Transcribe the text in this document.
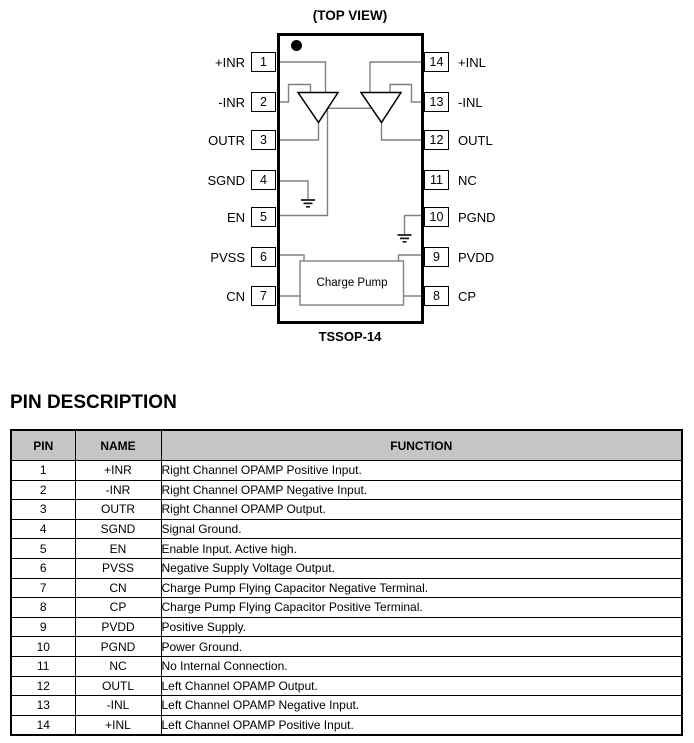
(TOP VIEW)
Charge Pump
1
2
3
4
5
6
7
+INR
-INR
OUTR
SGND
EN
PVSS
CN
14
13
12
11
10
9
8
+INL
-INL
OUTL
NC
PGND
PVDD
CP
TSSOP-14
PIN DESCRIPTION
PIN	NAME	FUNCTION
1	+INR	Right Channel OPAMP Positive Input.
2	-INR	Right Channel OPAMP Negative Input.
3	OUTR	Right Channel OPAMP Output.
4	SGND	Signal Ground.
5	EN	Enable Input. Active high.
6	PVSS	Negative Supply Voltage Output.
7	CN	Charge Pump Flying Capacitor Negative Terminal.
8	CP	Charge Pump Flying Capacitor Positive Terminal.
9	PVDD	Positive Supply.
10	PGND	Power Ground.
11	NC	No Internal Connection.
12	OUTL	Left Channel OPAMP Output.
13	-INL	Left Channel OPAMP Negative Input.
14	+INL	Left Channel OPAMP Positive Input.
